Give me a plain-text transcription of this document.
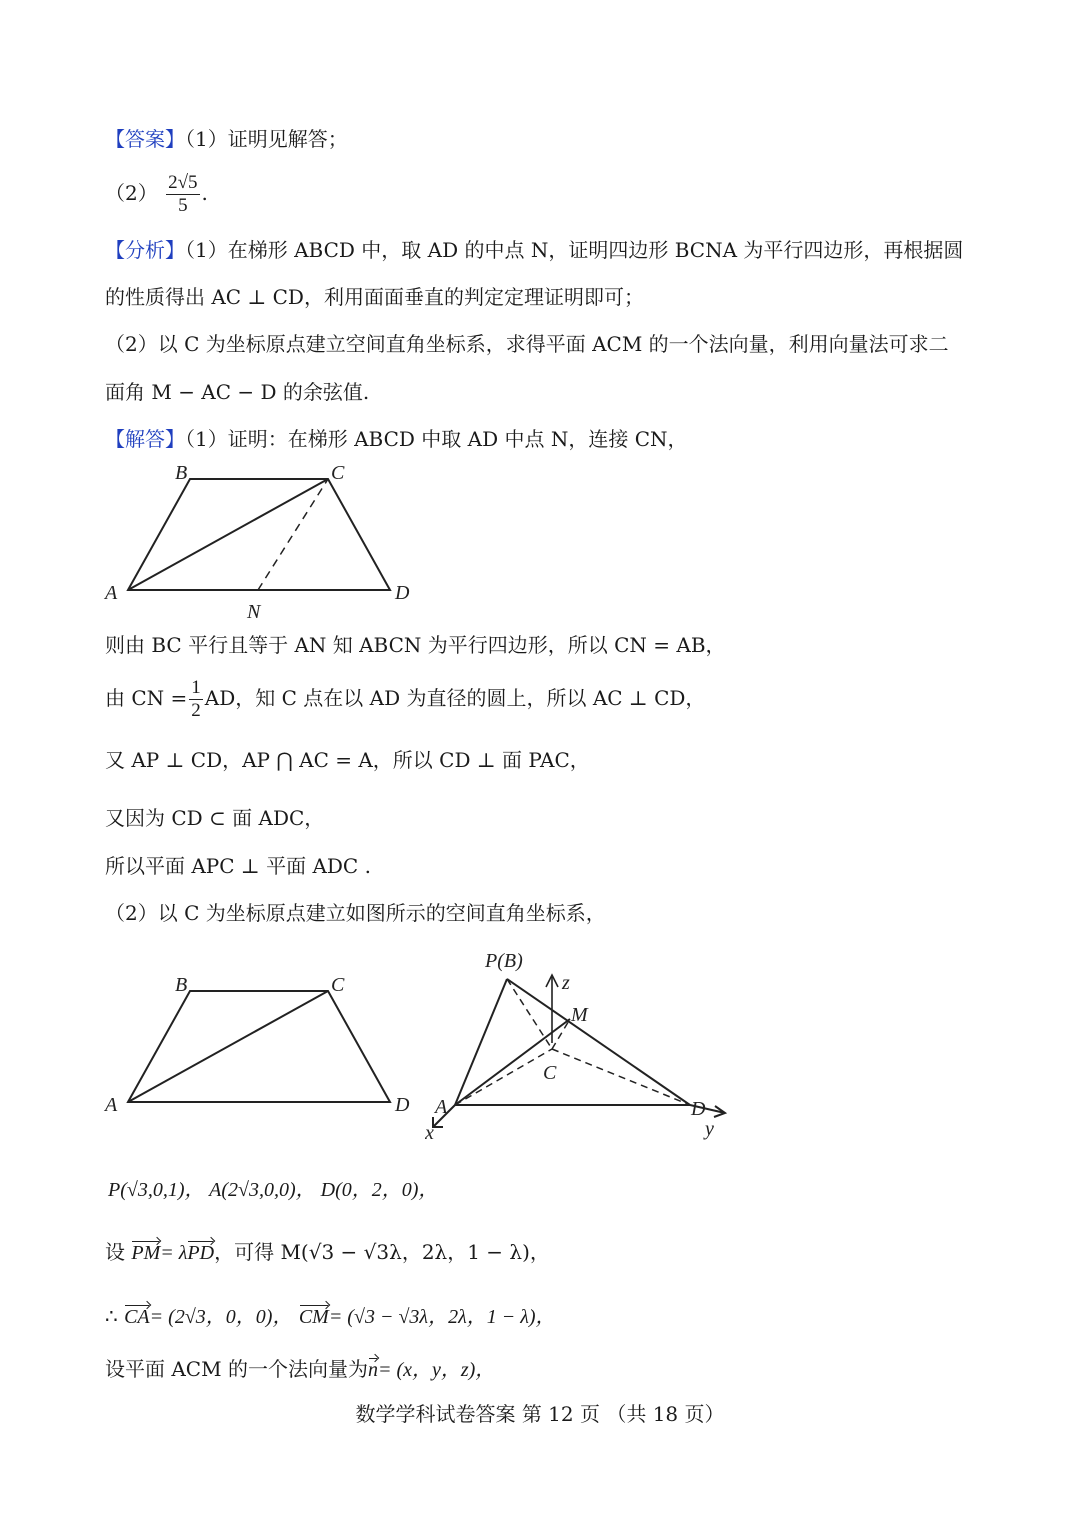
【答案】（1）证明见解答；
$(2) \frac{2√5}{5}$ .
【分析】（1）在梯形 ABCD 中，取 AD 的中点 N，证明四边形 BCNA 为平行四边形，再根据圆
的性质得出 AC ⊥ CD，利用面面垂直的判定定理证明即可；
（2）以 C 为坐标原点建立空间直角坐标系，求得平面 ACM 的一个法向量，利用向量法可求二
面角 M − AC − D 的余弦值.
【解答】（1）证明：在梯形 ABCD 中取 AD 中点 N，连接 CN，
B	C
A	D
N
则由 BC 平行且等于 AN 知 ABCN 为平行四边形，所以 CN = AB，
由 CN = $\frac{1}{2}$ AD，知 C 点在以 AD 为直径的圆上，所以 AC ⊥ CD，
又 AP ⊥ CD，AP ⋂ AC = A，所以 CD ⊥ 面 PAC，
又因为 CD ⊂ 面 ADC，
所以平面 APC ⊥ 平面 ADC .
（2）以 C 为坐标原点建立如图所示的空间直角坐标系，
B	C
A	D
P(B)
z
M
C
A	D
x	y
P(√3,0,1)， A(2√3,0,0)， D(0，2，0)，
设 PM= λPD，可得 M(√3 − √3λ，2λ，1 − λ)，
∴ CA= (2√3，0，0)， CM= (√3 − √3λ，2λ，1 − λ)，
设平面 ACM 的一个法向量为n= (x，y，z)，
数学学科试卷答案 第 12 页 （共 18 页）
